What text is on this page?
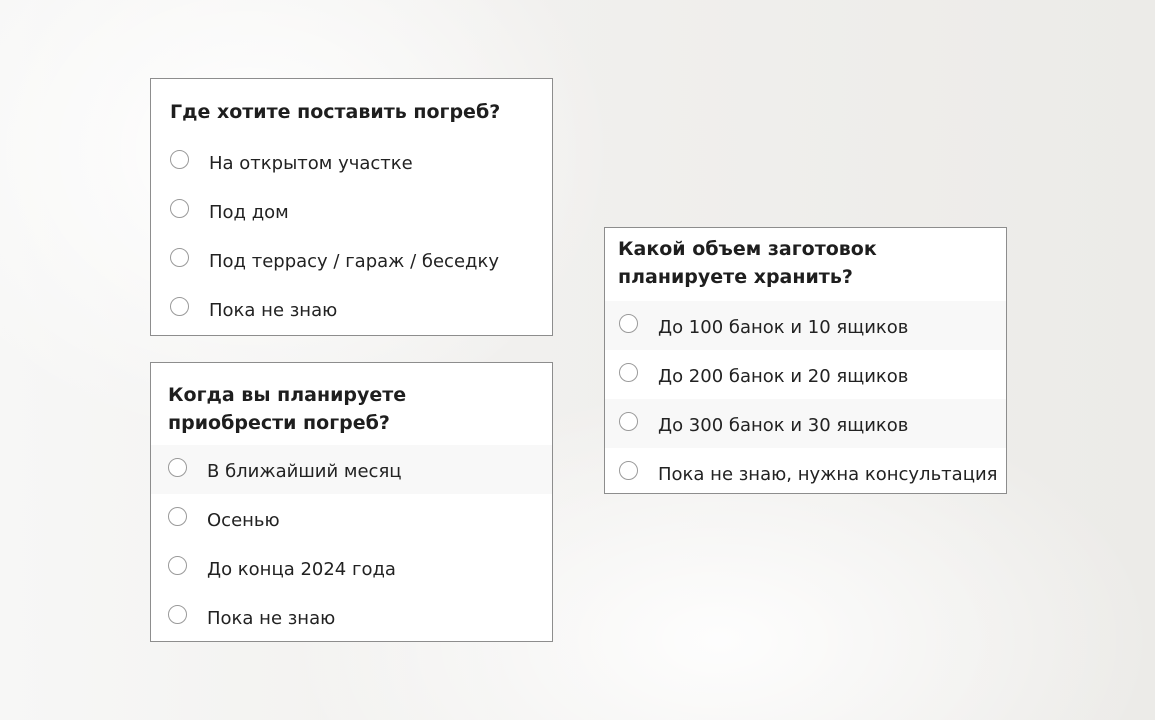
Где хотите поставить погреб?
На открытом участке
Под дом
Под террасу / гараж / беседку
Пока не знаю
Когда вы планируете приобрести погреб?
В ближайший месяц
Осенью
До конца 2024 года
Пока не знаю
Какой объем заготовок планируете хранить?
До 100 банок и 10 ящиков
До 200 банок и 20 ящиков
До 300 банок и 30 ящиков
Пока не знаю, нужна консультация
